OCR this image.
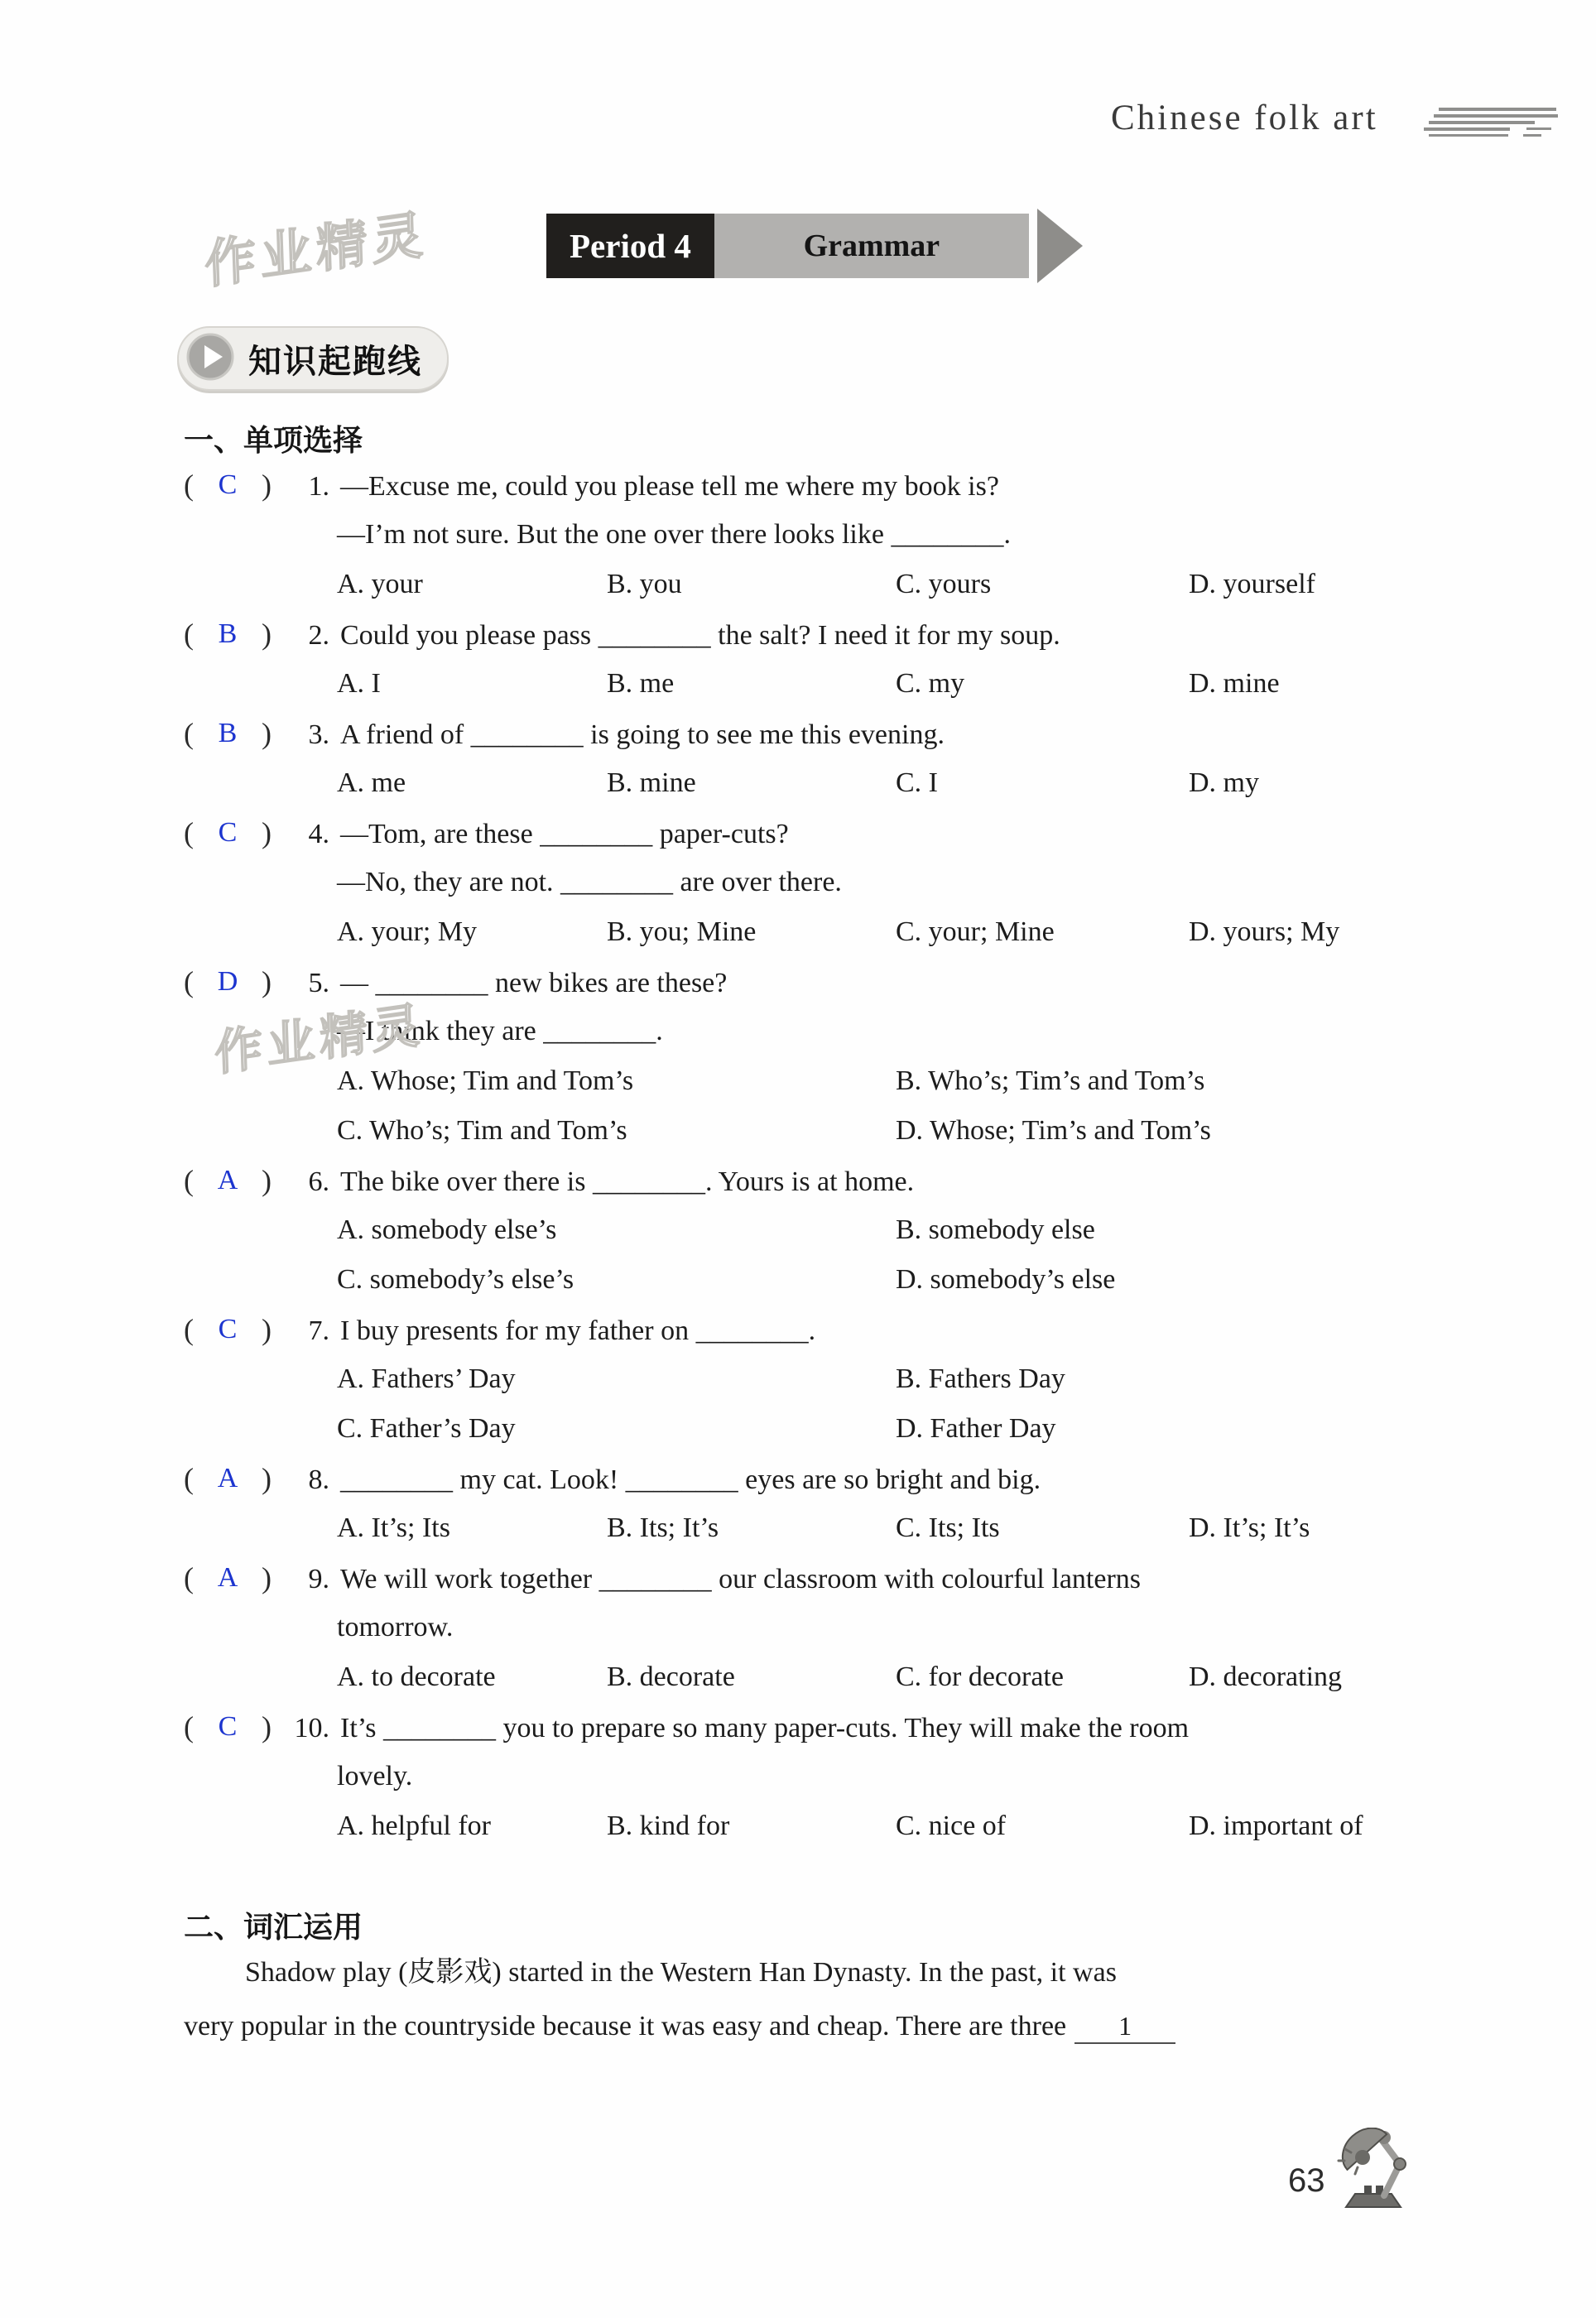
Chinese folk art
Period 4	Grammar
作业精灵
知识起跑线
一、单项选择
( C )	1. —Excuse me, could you please tell me where my book is?
—I’m not sure. But the one over there looks like ________.
A. your	B. you	C. yours	D. yourself
( B )	2. Could you please pass ________ the salt? I need it for my soup.
A. I	B. me	C. my	D. mine
( B )	3. A friend of ________ is going to see me this evening.
A. me	B. mine	C. I	D. my
( C )	4. —Tom, are these ________ paper-cuts?
—No, they are not. ________ are over there.
A. your; My	B. you; Mine	C. your; Mine	D. yours; My
( D )	5. — ________ new bikes are these?
—I think they are ________.
A. Whose; Tim and Tom’s	B. Who’s; Tim’s and Tom’s
C. Who’s; Tim and Tom’s	D. Whose; Tim’s and Tom’s
( A )	6. The bike over there is ________. Yours is at home.
A. somebody else’s	B. somebody else
C. somebody’s else’s	D. somebody’s else
( C )	7. I buy presents for my father on ________.
A. Fathers’ Day	B. Fathers Day
C. Father’s Day	D. Father Day
( A )	8. ________ my cat. Look! ________ eyes are so bright and big.
A. It’s; Its	B. Its; It’s	C. Its; Its	D. It’s; It’s
( A )	9. We will work together ________ our classroom with colourful lanterns
tomorrow.
A. to decorate	B. decorate	C. for decorate	D. decorating
( C ) 10. It’s ________ you to prepare so many paper-cuts. They will make the room
lovely.
A. helpful for	B. kind for	C. nice of	D. important of
作业精灵
二、词汇运用
Shadow play (皮影戏) started in the Western Han Dynasty. In the past, it was
very popular in the countryside because it was easy and cheap. There are three 1
63
